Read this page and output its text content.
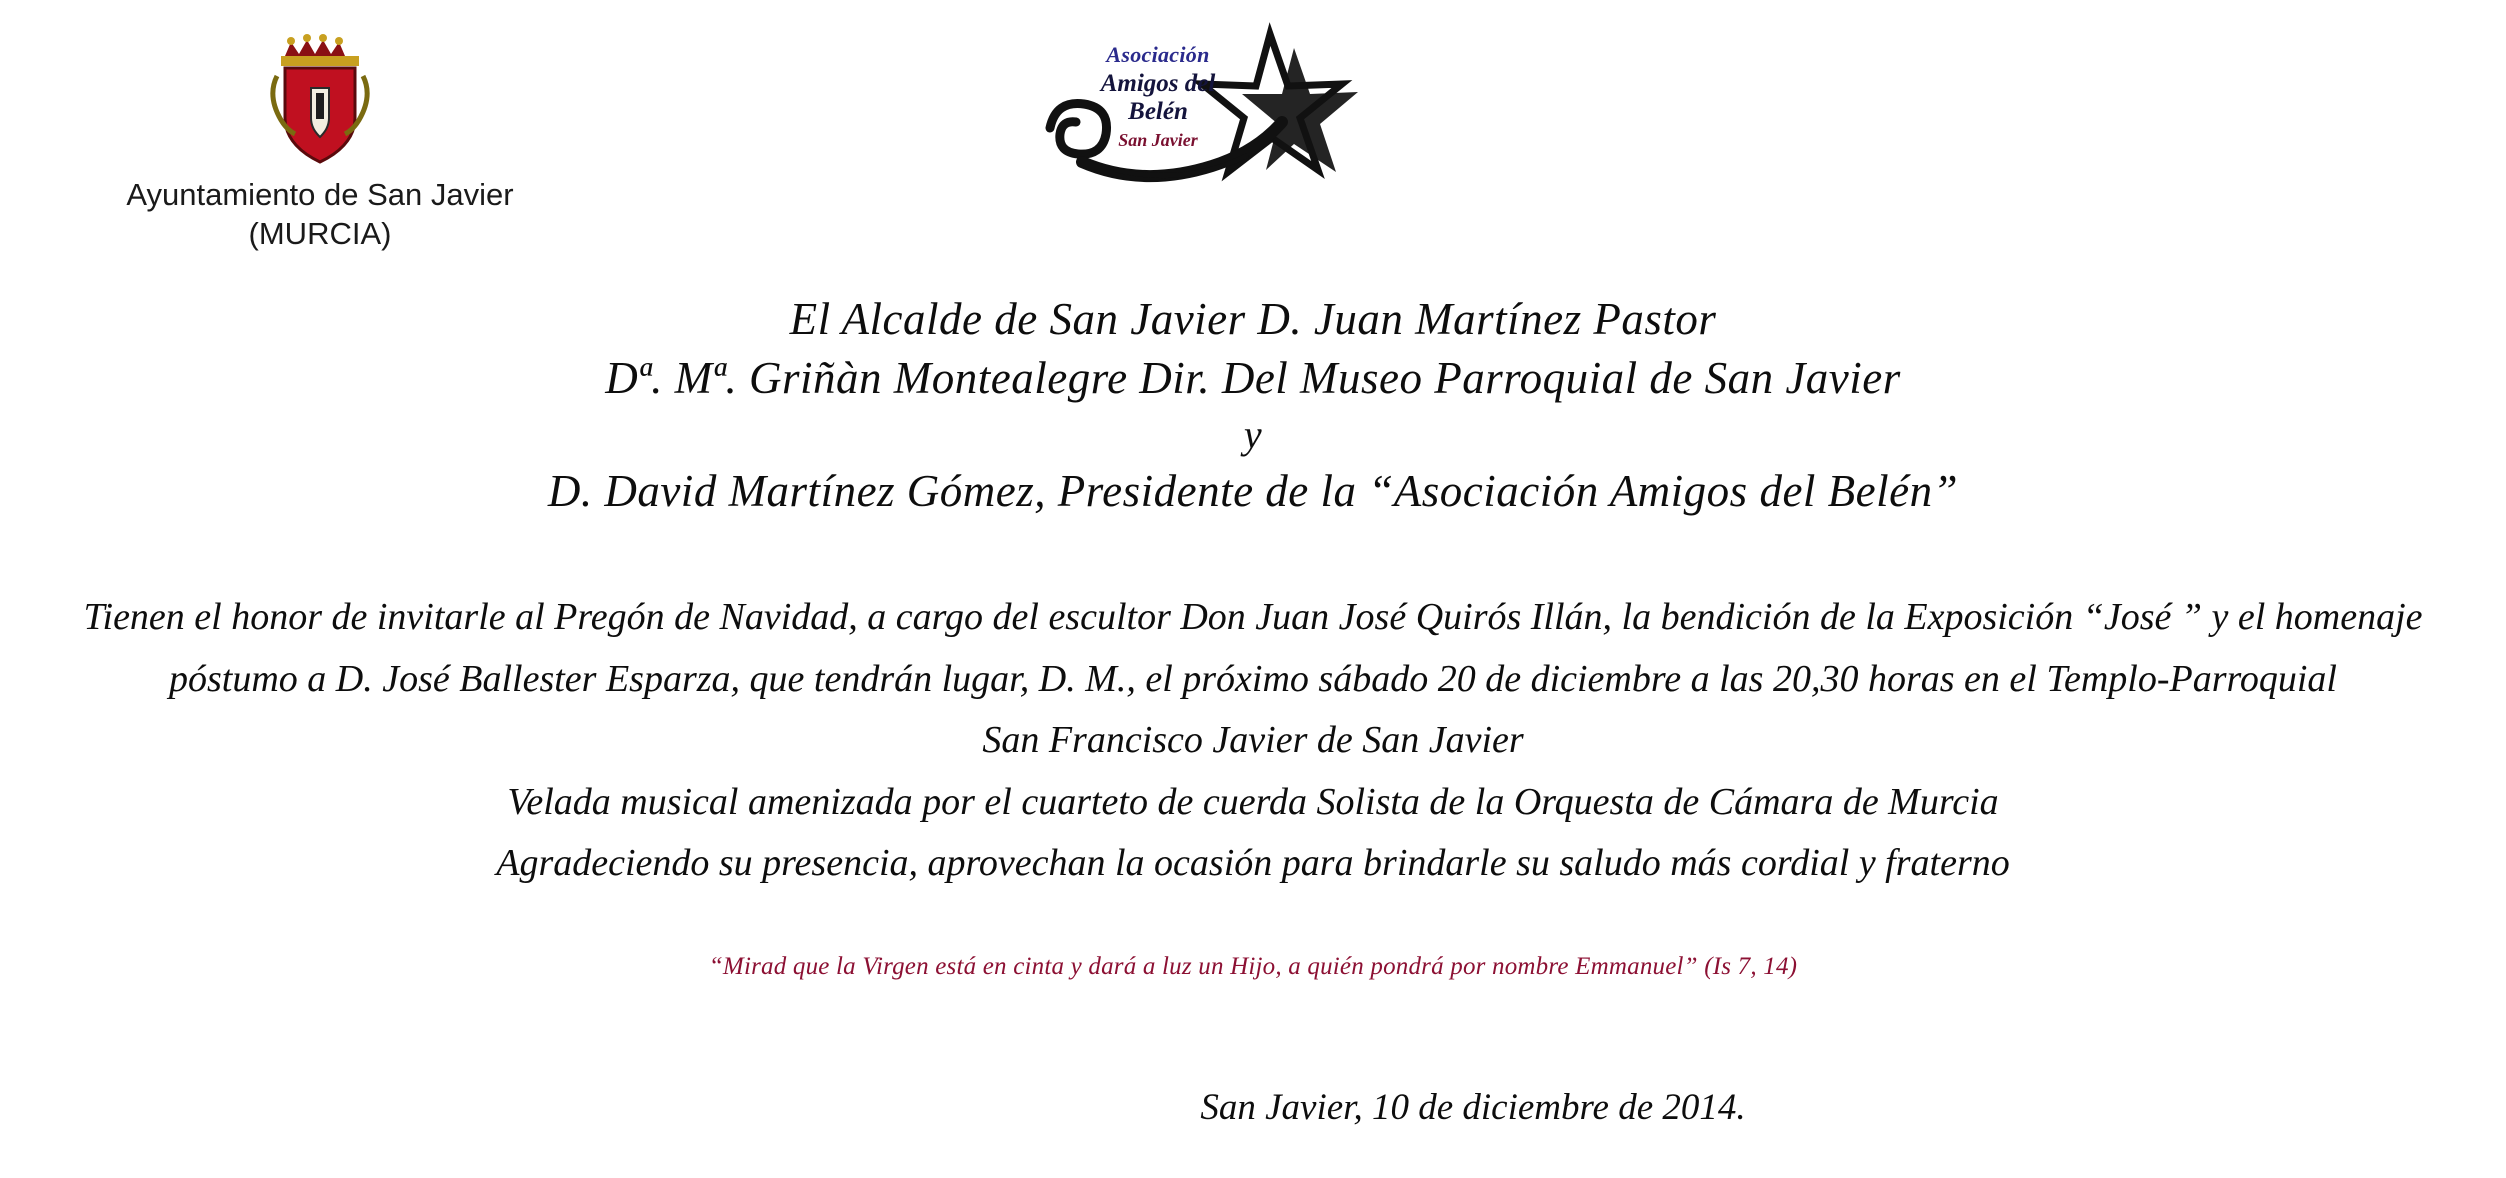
Ayuntamiento de San Javier
(MURCIA)
Asociación
Amigos del Belén
San Javier
El Alcalde de San Javier D. Juan Martínez Pastor
Dª. Mª. Griñàn Montealegre Dir. Del Museo Parroquial de San Javier
y
D. David Martínez Gómez, Presidente de la “Asociación Amigos del Belén”

Tienen el honor de invitarle al Pregón de Navidad, a cargo del escultor Don Juan José Quirós Illán, la bendición de la Exposición “José ” y el homenaje

póstumo a D. José Ballester Esparza, que tendrán lugar, D. M., el próximo sábado 20 de diciembre a las 20,30 horas en el Templo-Parroquial

San Francisco Javier de San Javier

Velada musical amenizada por el cuarteto de cuerda Solista de la Orquesta de Cámara de Murcia

Agradeciendo su presencia, aprovechan la ocasión para brindarle su saludo más cordial y fraterno

“Mirad que la Virgen está en cinta y dará a luz un Hijo, a quién pondrá por nombre Emmanuel” (Is 7, 14)
San Javier, 10 de diciembre de 2014.
